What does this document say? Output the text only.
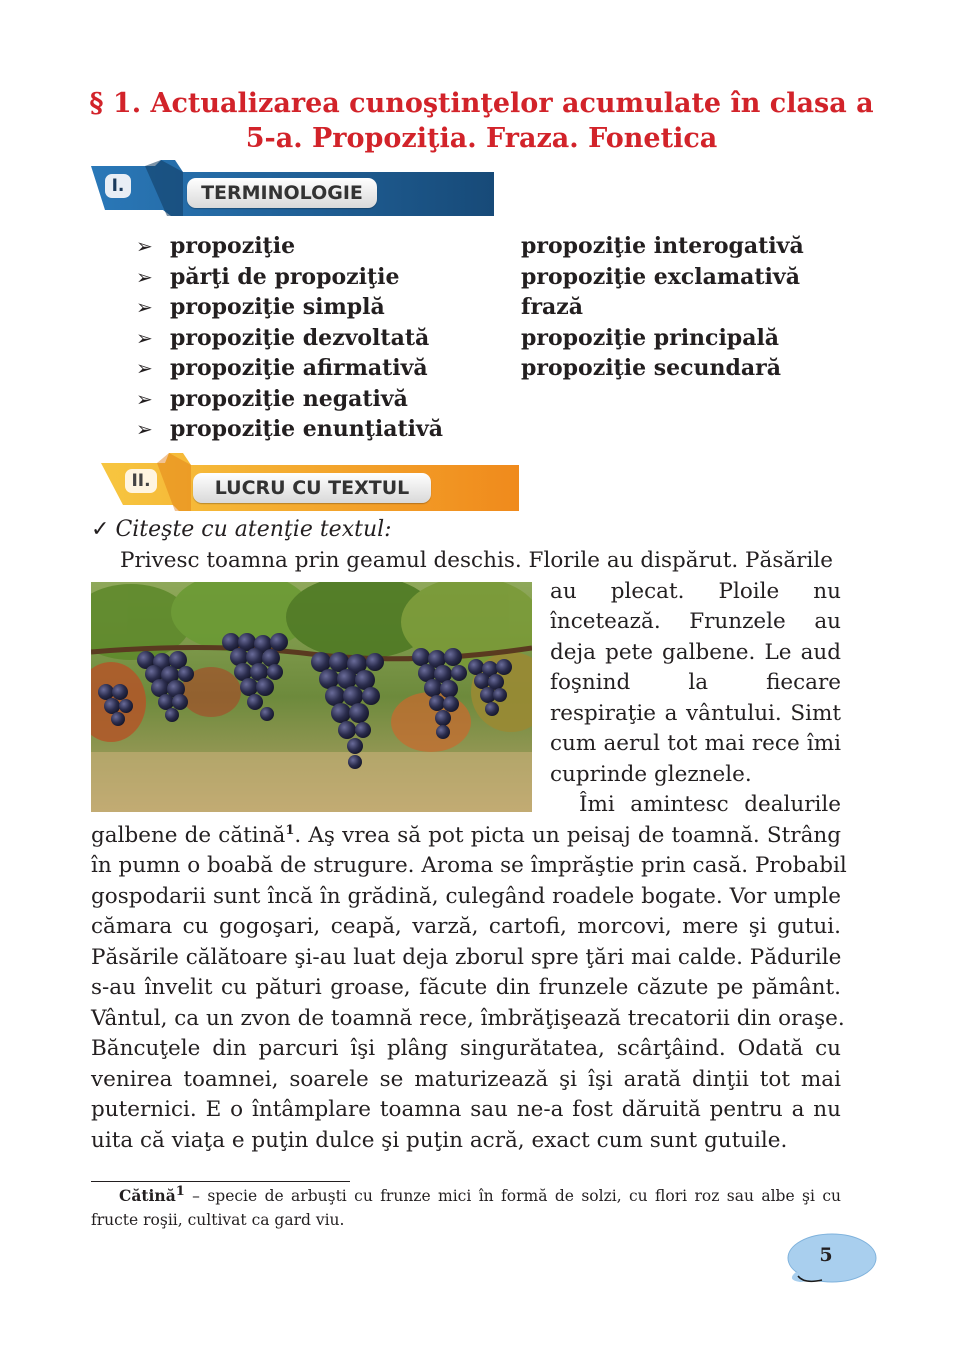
§ 1. Actualizarea cunoştinţelor acumulate în clasa a
5-a. Propoziţia. Fraza. Fonetica
I.	TERMINOLOGIE
➢ propoziţie
➢ părţi de propoziţie
➢ propoziţie simplă
➢ propoziţie dezvoltată
➢ propoziţie afirmativă
➢ propoziţie negativă
➢ propoziţie enunţiativă
propoziţie interogativă
propoziţie exclamativă
frază
propoziţie principală
propoziţie secundară
II.	LUCRU CU TEXTUL
✓ Citeşte cu atenţie textul:
Privesc toamna prin geamul deschis. Florile au dispărut. Păsările
au plecat. Ploile nu
încetează. Frunzele au
deja pete galbene. Le aud
foşnind la fiecare
respiraţie a vântului. Simt
cum aerul tot mai rece îmi
cuprinde gleznele.
Îmi amintesc dealurile
galbene de cătină$^1$. Aş vrea să pot picta un peisaj de toamnă. Strâng
în pumn o boabă de strugure. Aroma se împrăştie prin casă. Probabil
gospodarii sunt încă în grădină, culegând roadele bogate. Vor umple
cămara cu gogoşari, ceapă, varză, cartofi, morcovi, mere şi gutui.
Păsările călătoare şi-au luat deja zborul spre ţări mai calde. Pădurile
s-au învelit cu pături groase, făcute din frunzele căzute pe pământ.
Vântul, ca un zvon de toamnă rece, îmbrăţişează trecatorii din oraşe.
Băncuţele din parcuri îşi plâng singurătatea, scârţâind. Odată cu
venirea toamnei, soarele se maturizează şi îşi arată dinţii tot mai
puternici. E o întâmplare toamna sau ne-a fost dăruită pentru a nu
uita că viaţa e puţin dulce şi puţin acră, exact cum sunt gutuile.
Cătină$^1$ – specie de arbuşti cu frunze mici în formă de solzi, cu flori roz sau albe şi cu fructe roşii, cultivat ca gard viu.
5
